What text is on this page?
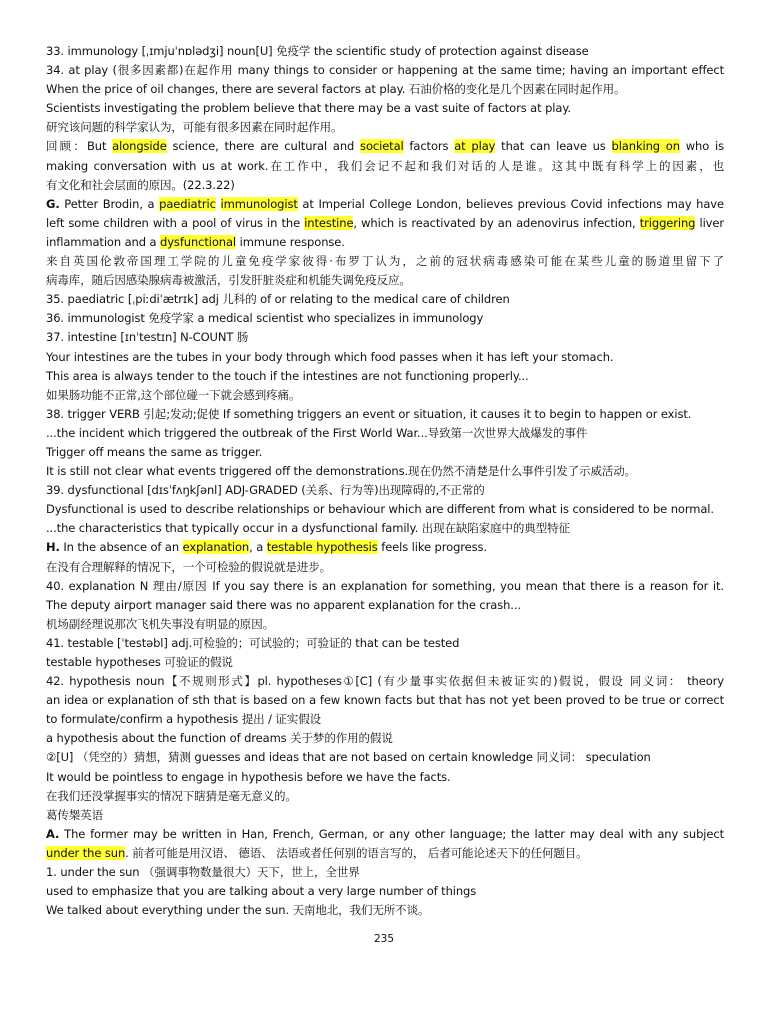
33. immunology [ˌɪmjuˈnɒlədʒi] noun[U] 免疫学 the scientific study of protection against disease
34. at play (很多因素都)在起作用 many things to consider or happening at the same time; having an important effect
When the price of oil changes, there are several factors at play. 石油价格的变化是几个因素在同时起作用。
Scientists investigating the problem believe that there may be a vast suite of factors at play.
研究该问题的科学家认为，可能有很多因素在同时起作用。
回顾：But alongside science, there are cultural and societal factors at play that can leave us blanking on who is
making conversation with us at work.在工作中，我们会记不起和我们对话的人是谁。这其中既有科学上的因素，也
有文化和社会层面的原因。(22.3.22)
G. Petter Brodin, a paediatric immunologist at Imperial College London, believes previous Covid infections may have
left some children with a pool of virus in the intestine, which is reactivated by an adenovirus infection, triggering liver
inflammation and a dysfunctional immune response.
来自英国伦敦帝国理工学院的儿童免疫学家彼得·布罗丁认为，之前的冠状病毒感染可能在某些儿童的肠道里留下了
病毒库，随后因感染腺病毒被激活，引发肝脏炎症和机能失调免疫反应。
35. paediatric [ˌpiːdiˈætrɪk] adj 儿科的 of or relating to the medical care of children
36. immunologist 免疫学家 a medical scientist who specializes in immunology
37. intestine [ɪnˈtestɪn] N-COUNT 肠
Your intestines are the tubes in your body through which food passes when it has left your stomach.
This area is always tender to the touch if the intestines are not functioning properly...
如果肠功能不正常,这个部位碰一下就会感到疼痛。
38. trigger VERB 引起;发动;促使 If something triggers an event or situation, it causes it to begin to happen or exist.
...the incident which triggered the outbreak of the First World War...导致第一次世界大战爆发的事件
Trigger off means the same as trigger.
It is still not clear what events triggered off the demonstrations.现在仍然不清楚是什么事件引发了示威活动。
39. dysfunctional [dɪsˈfʌŋkʃənl] ADJ-GRADED (关系、行为等)出现障碍的,不正常的
Dysfunctional is used to describe relationships or behaviour which are different from what is considered to be normal.
...the characteristics that typically occur in a dysfunctional family. 出现在缺陷家庭中的典型特征
H. In the absence of an explanation, a testable hypothesis feels like progress.
在没有合理解释的情况下，一个可检验的假说就是进步。
40. explanation N 理由/原因 If you say there is an explanation for something, you mean that there is a reason for it.
The deputy airport manager said there was no apparent explanation for the crash...
机场副经理说那次飞机失事没有明显的原因。
41. testable [ˈtestəbl] adj.可检验的；可试验的；可验证的 that can be tested
testable hypotheses 可验证的假说
42. hypothesis noun【不规则形式】pl. hypotheses①[C] (有少量事实依据但未被证实的)假说，假设 同义词： theory
an idea or explanation of sth that is based on a few known facts but that has not yet been proved to be true or correct
to formulate/confirm a hypothesis 提出 / 证实假设
a hypothesis about the function of dreams 关于梦的作用的假说
②[U] （凭空的）猜想，猜测 guesses and ideas that are not based on certain knowledge 同义词： speculation
It would be pointless to engage in hypothesis before we have the facts.
在我们还没掌握事实的情况下瞎猜是毫无意义的。
葛传椝英语
A. The former may be written in Han, French, German, or any other language; the latter may deal with any subject
under the sun. 前者可能是用汉语、 德语、 法语或者任何别的语言写的， 后者可能论述天下的任何题目。
1. under the sun （强调事物数量很大）天下，世上，全世界
used to emphasize that you are talking about a very large number of things
We talked about everything under the sun. 天南地北，我们无所不谈。
235
